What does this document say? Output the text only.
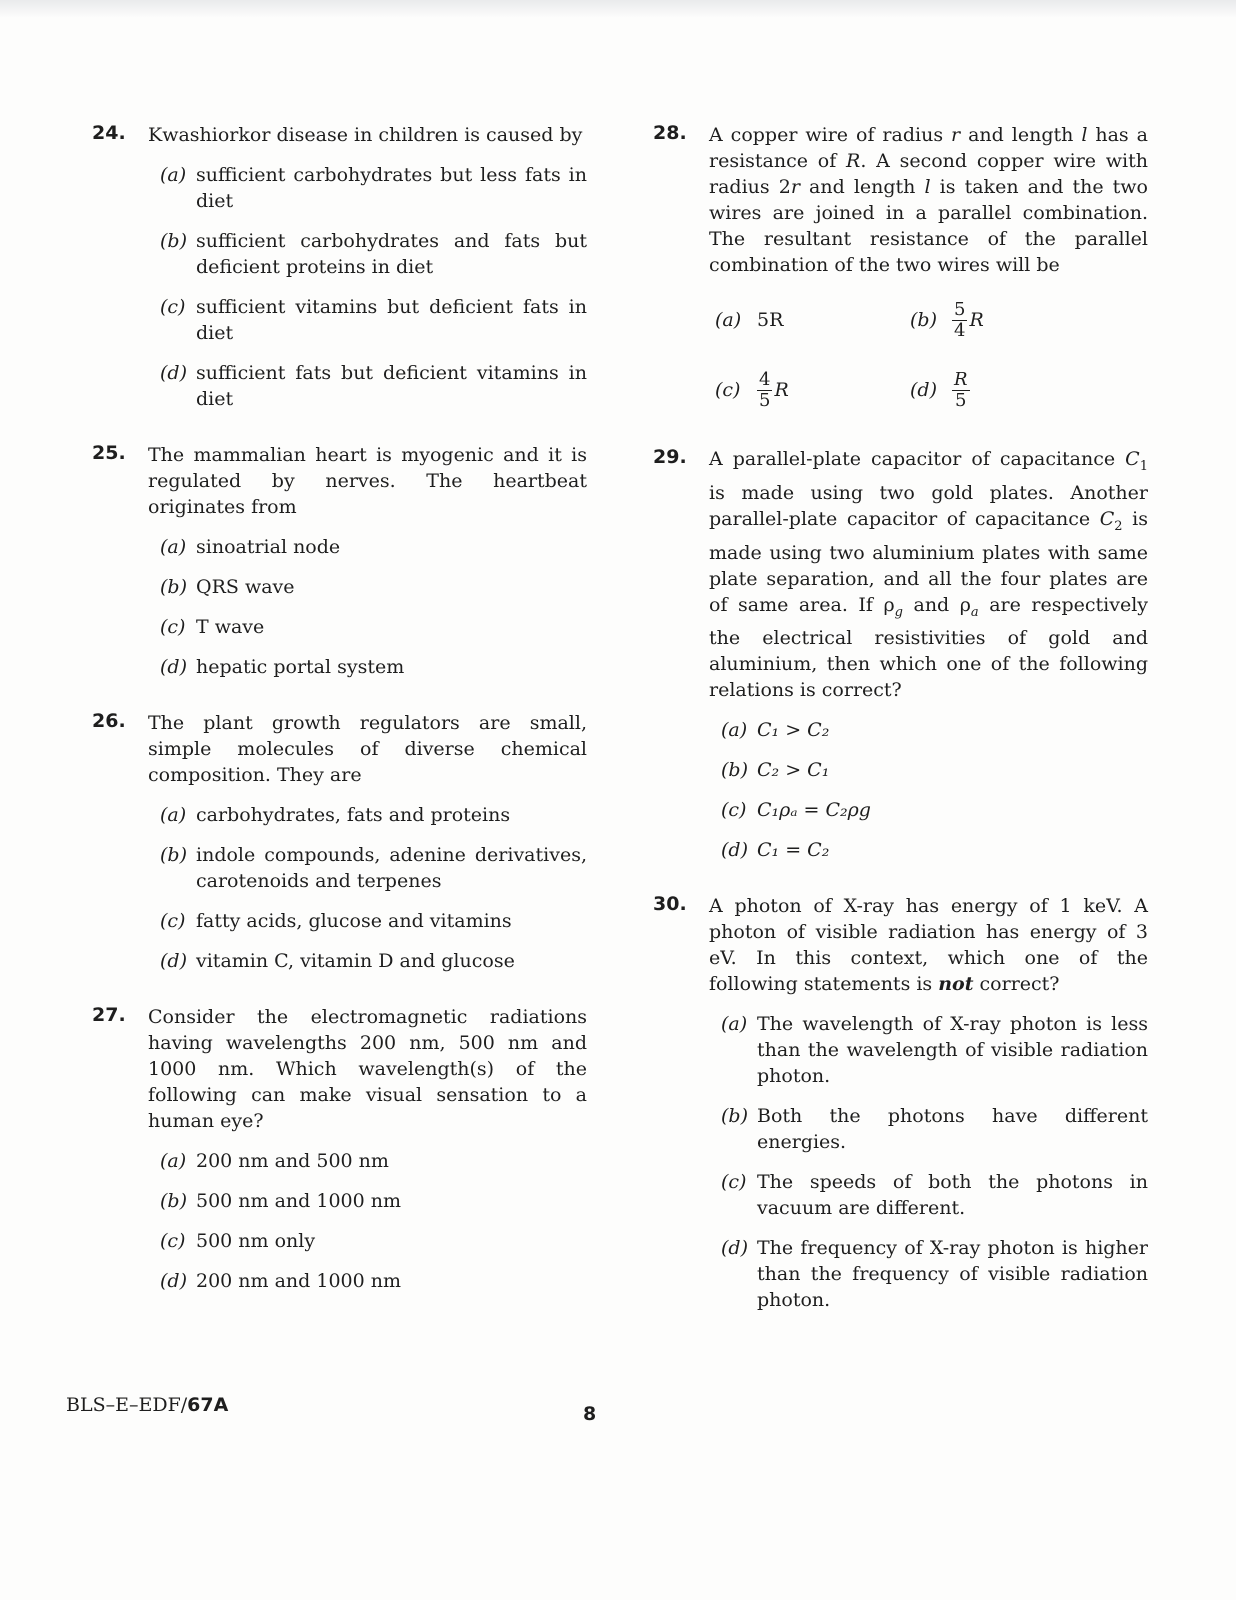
24. Kwashiorkor disease in children is caused by
(a) sufficient carbohydrates but less fats in diet
(b) sufficient carbohydrates and fats but deficient proteins in diet
(c) sufficient vitamins but deficient fats in diet
(d) sufficient fats but deficient vitamins in diet
25. The mammalian heart is myogenic and it is regulated by nerves. The heartbeat originates from
(a) sinoatrial node
(b) QRS wave
(c) T wave
(d) hepatic portal system
26. The plant growth regulators are small, simple molecules of diverse chemical composition. They are
(a) carbohydrates, fats and proteins
(b) indole compounds, adenine derivatives, carotenoids and terpenes
(c) fatty acids, glucose and vitamins
(d) vitamin C, vitamin D and glucose
27. Consider the electromagnetic radiations having wavelengths 200 nm, 500 nm and 1000 nm. Which wavelength(s) of the following can make visual sensation to a human eye?
(a) 200 nm and 500 nm
(b) 500 nm and 1000 nm
(c) 500 nm only
(d) 200 nm and 1000 nm
28. A copper wire of radius r and length l has a resistance of R. A second copper wire with radius 2r and length l is taken and the two wires are joined in a parallel combination. The resultant resistance of the parallel combination of the two wires will be
(a) 5R	$(b) \frac{5}{4}$ R
$(c) \frac{4}{5}$ R	$(d) \frac{R}{5}$
29. A parallel-plate capacitor of capacitance $C_1$ is made using two gold plates. Another parallel-plate capacitor of capacitance $C_2$ is made using two aluminium plates with same plate separation, and all the four plates are of same area. If $\rho_g$ and $\rho_a$ are respectively the electrical resistivities of gold and aluminium, then which one of the following relations is correct?
(a) C₁ > C₂
(b) C₂ > C₁
(c) C₁ρₐ = C₂ρg
(d) C₁ = C₂
30. A photon of X-ray has energy of 1 keV. A photon of visible radiation has energy of 3 eV. In this context, which one of the following statements is not correct?
(a) The wavelength of X-ray photon is less than the wavelength of visible radiation photon.
(b) Both the photons have different energies.
(c) The speeds of both the photons in vacuum are different.
(d) The frequency of X-ray photon is higher than the frequency of visible radiation photon.
BLS–E–EDF/67A	8
